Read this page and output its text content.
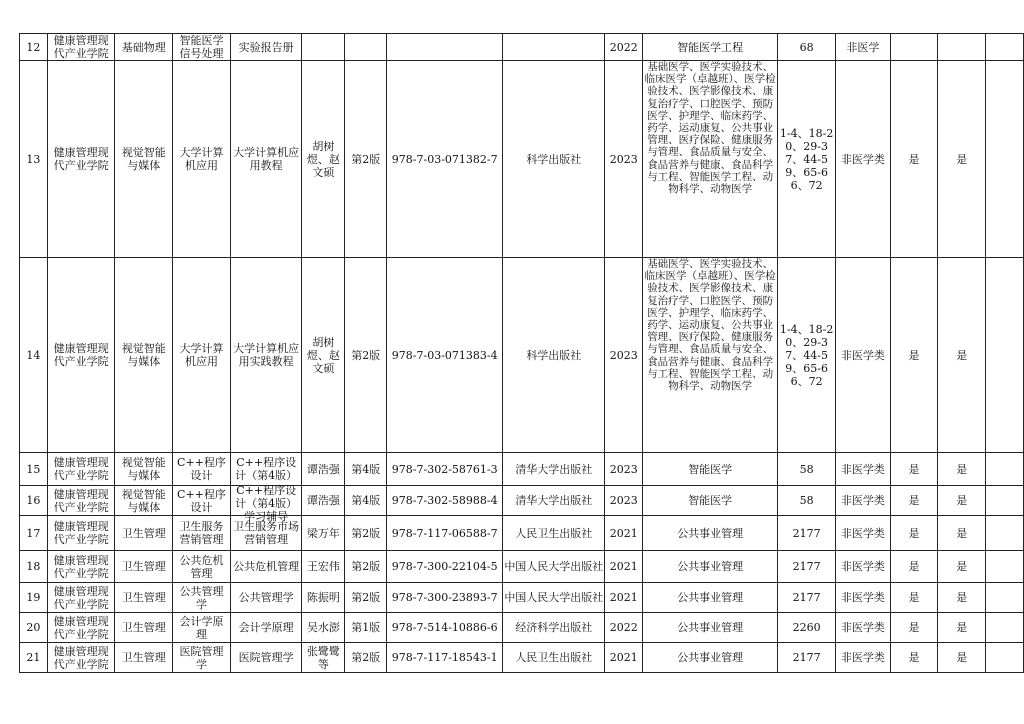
12	健康管理现代产业学院	基础物理	智能医学信号处理	实验报告册					2022	智能医学工程	68	非医学			
13	健康管理现代产业学院	视觉智能与媒体	大学计算机应用	大学计算机应用教程	胡树煜、赵文硕	第2版	978-7-03-071382-7	科学出版社	2023	基础医学、医学实验技术、临床医学（卓越班）、医学检验技术、医学影像技术、康复治疗学、口腔医学、预防医学、护理学、临床药学、药学、运动康复、公共事业管理、医疗保险、健康服务与管理、食品质量与安全、食品营养与健康、食品科学与工程、智能医学工程、动物科学、动物医学	1-4、18-20、29-37、44-59、65-66、72	非医学类	是	是	
14	健康管理现代产业学院	视觉智能与媒体	大学计算机应用	大学计算机应用实践教程	胡树煜、赵文硕	第2版	978-7-03-071383-4	科学出版社	2023	基础医学、医学实验技术、临床医学（卓越班）、医学检验技术、医学影像技术、康复治疗学、口腔医学、预防医学、护理学、临床药学、药学、运动康复、公共事业管理、医疗保险、健康服务与管理、食品质量与安全、食品营养与健康、食品科学与工程、智能医学工程、动物科学、动物医学	1-4、18-20、29-37、44-59、65-66、72	非医学类	是	是	
15	健康管理现代产业学院	视觉智能与媒体	C++程序设计	C++程序设计（第4版）	谭浩强	第4版	978-7-302-58761-3	清华大学出版社	2023	智能医学	58	非医学类	是	是	
16	健康管理现代产业学院	视觉智能与媒体	C++程序设计	C++程序设计（第4版）学习辅导	谭浩强	第4版	978-7-302-58988-4	清华大学出版社	2023	智能医学	58	非医学类	是	是	
17	健康管理现代产业学院	卫生管理	卫生服务营销管理	卫生服务市场营销管理	梁万年	第2版	978-7-117-06588-7	人民卫生出版社	2021	公共事业管理	2177	非医学类	是	是	
18	健康管理现代产业学院	卫生管理	公共危机管理	公共危机管理	王宏伟	第2版	978-7-300-22104-5	中国人民大学出版社	2021	公共事业管理	2177	非医学类	是	是	
19	健康管理现代产业学院	卫生管理	公共管理学	公共管理学	陈振明	第2版	978-7-300-23893-7	中国人民大学出版社	2021	公共事业管理	2177	非医学类	是	是	
20	健康管理现代产业学院	卫生管理	会计学原理	会计学原理	吴水澎	第1版	978-7-514-10886-6	经济科学出版社	2022	公共事业管理	2260	非医学类	是	是	
21	健康管理现代产业学院	卫生管理	医院管理学	医院管理学	张鹭鹭等	第2版	978-7-117-18543-1	人民卫生出版社	2021	公共事业管理	2177	非医学类	是	是	
